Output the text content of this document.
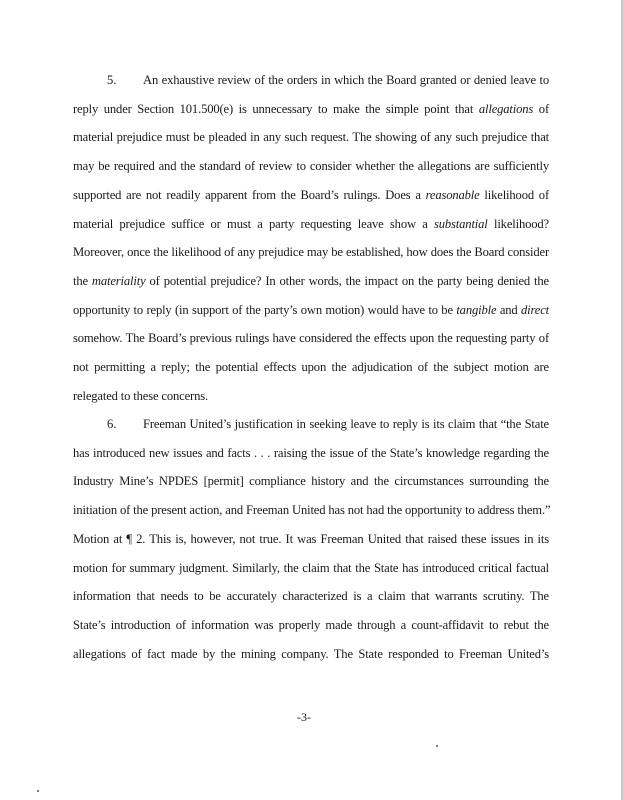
5. An exhaustive review of the orders in which the Board granted or denied leave to
reply under Section 101.500(e) is unnecessary to make the simple point that allegations of
material prejudice must be pleaded in any such request. The showing of any such prejudice that
may be required and the standard of review to consider whether the allegations are sufficiently
supported are not readily apparent from the Board’s rulings. Does a reasonable likelihood of
material prejudice suffice or must a party requesting leave show a substantial likelihood?
Moreover, once the likelihood of any prejudice may be established, how does the Board consider
the materiality of potential prejudice? In other words, the impact on the party being denied the
opportunity to reply (in support of the party’s own motion) would have to be tangible and direct
somehow. The Board’s previous rulings have considered the effects upon the requesting party of
not permitting a reply; the potential effects upon the adjudication of the subject motion are
relegated to these concerns.
6. Freeman United’s justification in seeking leave to reply is its claim that “the State
has introduced new issues and facts . . . raising the issue of the State’s knowledge regarding the
Industry Mine’s NPDES [permit] compliance history and the circumstances surrounding the
initiation of the present action, and Freeman United has not had the opportunity to address them.”
Motion at ¶ 2. This is, however, not true. It was Freeman United that raised these issues in its
motion for summary judgment. Similarly, the claim that the State has introduced critical factual
information that needs to be accurately characterized is a claim that warrants scrutiny. The
State’s introduction of information was properly made through a count-affidavit to rebut the
allegations of fact made by the mining company. The State responded to Freeman United’s
-3-
